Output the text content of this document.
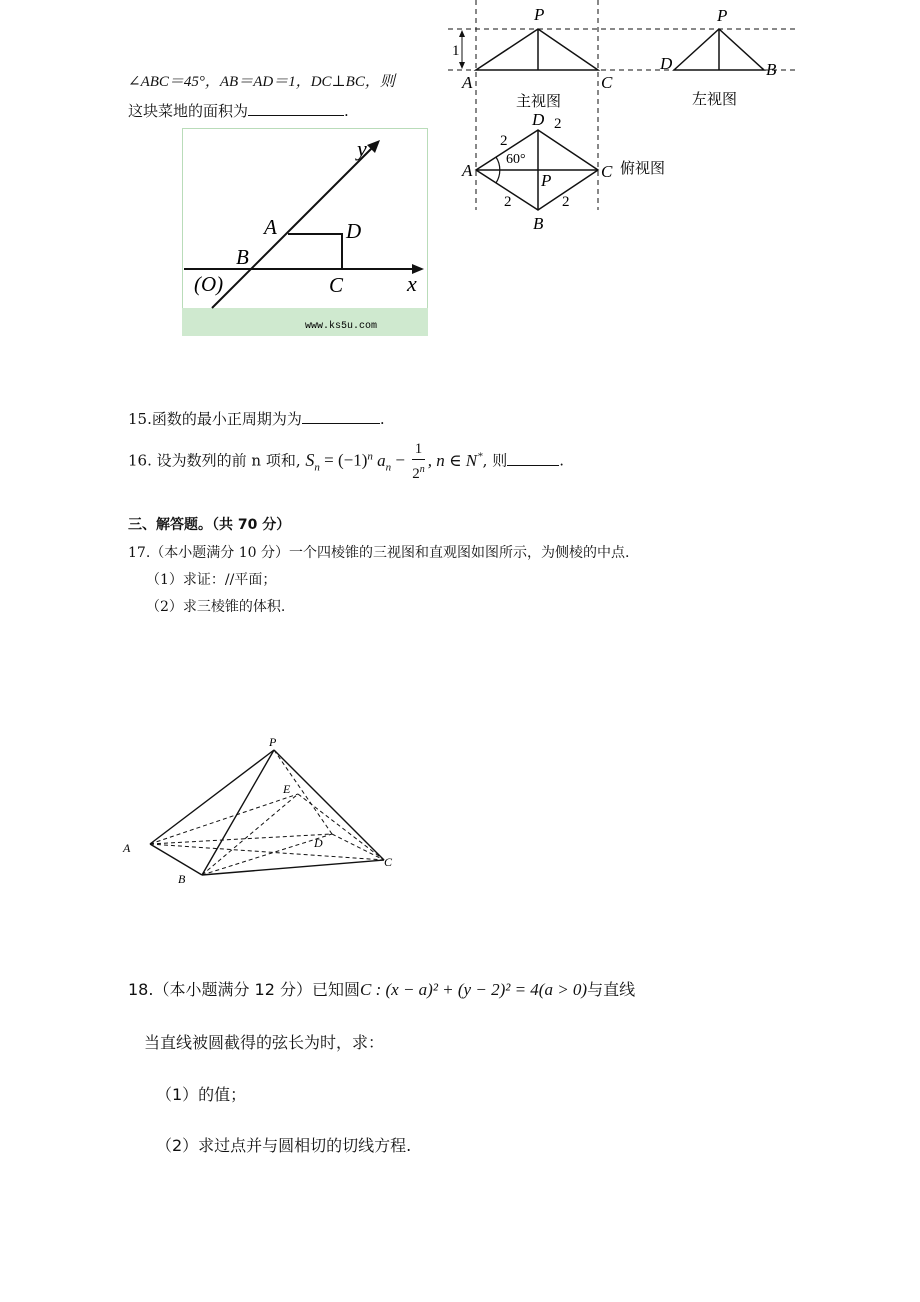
∠ABC＝45°，AB＝AD＝1，DC⊥BC，则
这块菜地的面积为	.
y
A	D
B
(O)	C	x
www.ks5u.com
1
P
A	C
主视图
P
D	B
左视图
60°
D
A	C
P
B
2
2
2	2
俯视图
15.函数的最小正周期为为	.
16. 设为数列的前 n 项和, $S_n = (-1)^n$ $a_n - \frac{1}{2^n}$ , n ∈ N*, 则	.
三、解答题。（共 70 分）
17.（本小题满分 10 分）一个四棱锥的三视图和直观图如图所示，为侧棱的中点.
（1）求证：//平面；
（2）求三棱锥的体积.
P
E
A
B
C
D
18.（本小题满分 12 分）已知圆C : (x − a)² + (y − 2)² = 4(a > 0)与直线
当直线被圆截得的弦长为时，求：
（1）的值；
（2）求过点并与圆相切的切线方程.
